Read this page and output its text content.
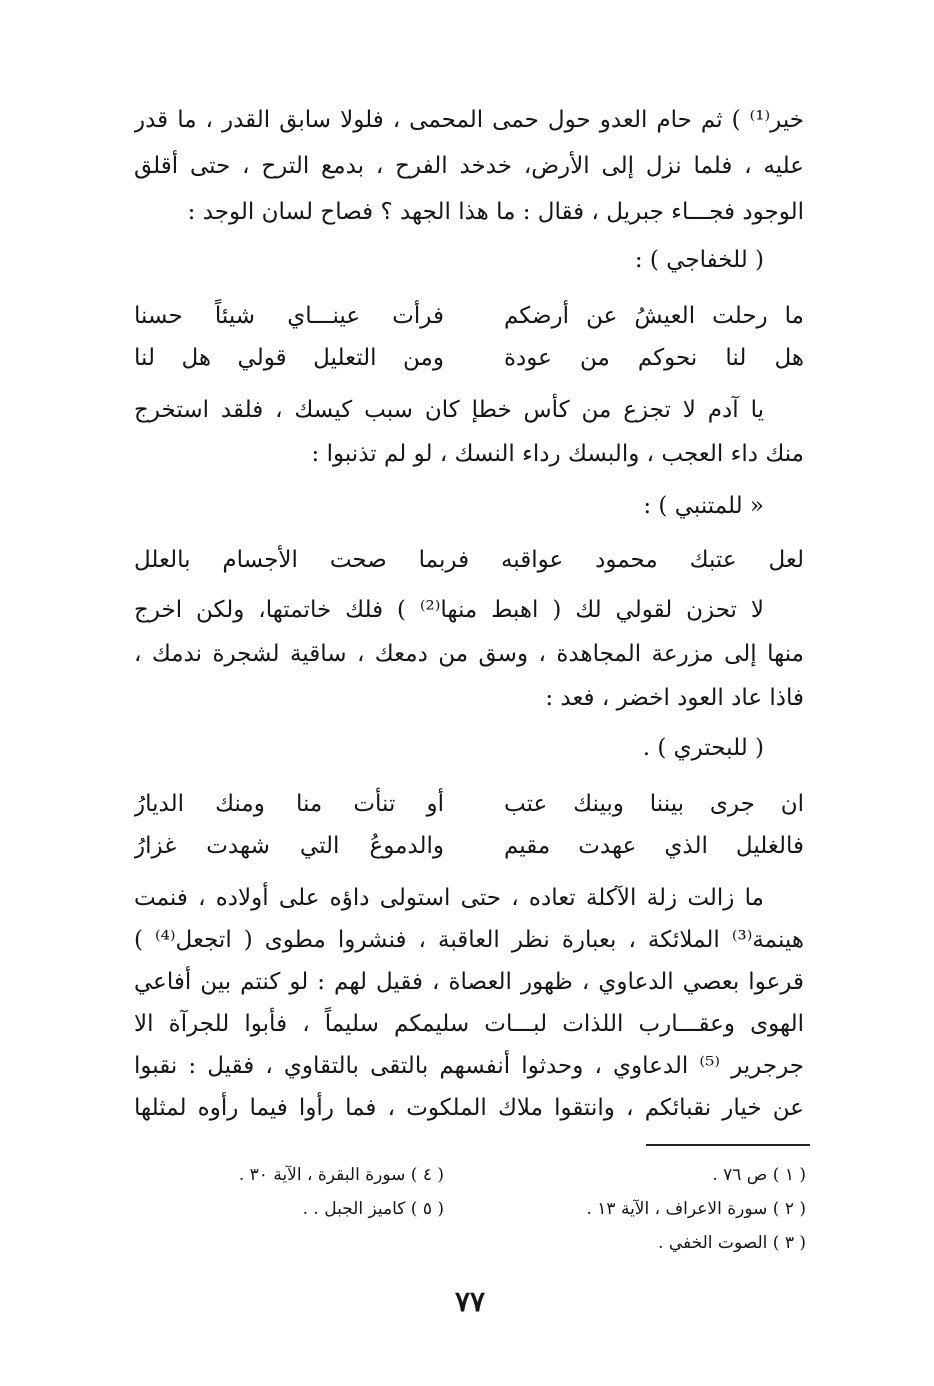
خير⁽¹⁾ ) ثم حام العدو حول حمى المحمى ، فلولا سابق القدر ، ما قدر
عليه ، فلما نزل إلى الأرض، خدخد الفرح ، بدمع الترح ، حتى أقلق
الوجود فجـــاء جبريل ، فقال : ما هذا الجهد ؟ فصاح لسان الوجد :
( للخفاجي ) :
ما رحلت العيشُ عن أرضكم
فرأت عينـــاي شيئاً حسنا
هل لنا نحوكم من عودة
ومن التعليل قولي هل لنا
يا آدم لا تجزع من كأس خطإ كان سبب كيسك ، فلقد استخرج
منك داء العجب ، والبسك رداء النسك ، لو لم تذنبوا :
« للمتنبي ) :
لعل عتبك محمود عواقبه فربما صحت الأجسام بالعلل
لا تحزن لقولي لك ( اهبط منها⁽²⁾ ) فلك خاتمتها، ولكن اخرج
منها إلى مزرعة المجاهدة ، وسق من دمعك ، ساقية لشجرة ندمك ،
فاذا عاد العود اخضر ، فعد :
( للبحتري ) .
ان جرى بيننا وبينك عتب
أو تنأت منا ومنك الديارُ
فالغليل الذي عهدت مقيم
والدموعُ التي شهدت غزارُ
ما زالت زلة الآكلة تعاده ، حتى استولى داؤه على أولاده ، فنمت
هينمة⁽³⁾ الملائكة ، بعبارة نظر العاقبة ، فنشروا مطوى ( اتجعل⁽⁴⁾ )
قرعوا بعصي الدعاوي ، ظهور العصاة ، فقيل لهم : لو كنتم بين أفاعي
الهوى وعقـــارب اللذات لبـــات سليمكم سليماً ، فأبوا للجرآة الا
جرجرير ⁽⁵⁾ الدعاوي ، وحدثوا أنفسهم بالتقى بالتقاوي ، فقيل : نقبوا
عن خيار نقبائكم ، وانتقوا ملاك الملكوت ، فما رأوا فيما رأوه لمثلها
( ١ ) ص ٧٦ .
( ٢ ) سورة الاعراف ، الآية ١٣ .
( ٣ ) الصوت الخفي .
( ٤ ) سورة البقرة ، الآية ٣٠ .
( ٥ ) كاميز الجبل . .
٧٧
